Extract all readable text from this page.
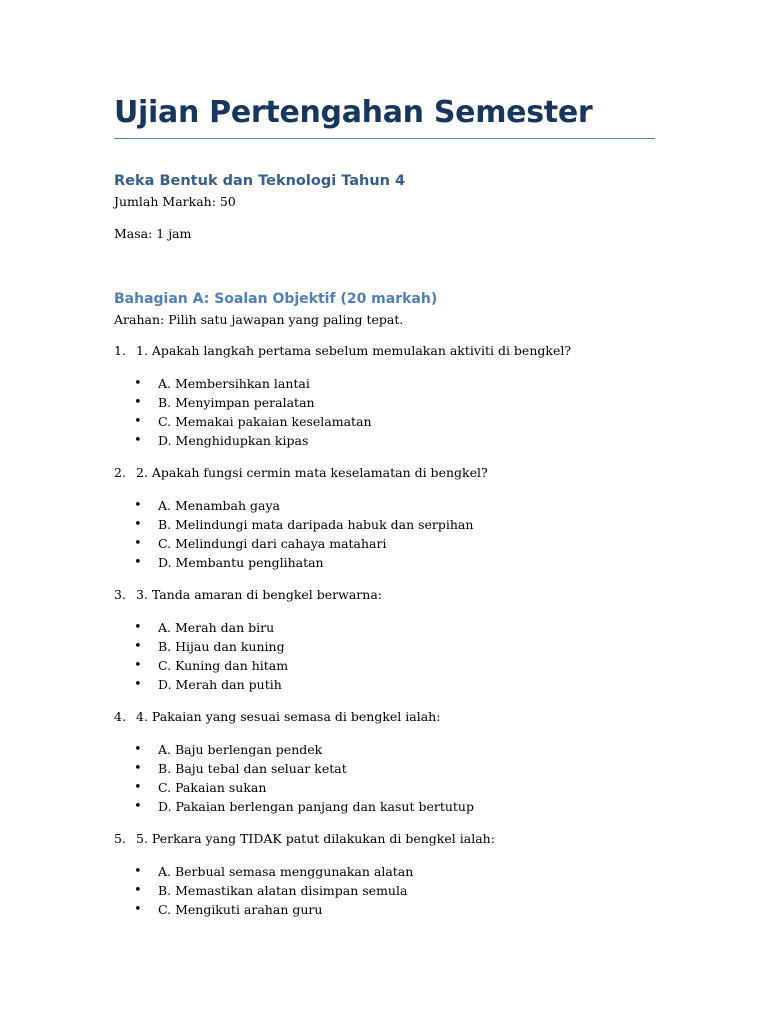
Ujian Pertengahan Semester
Reka Bentuk dan Teknologi Tahun 4

Jumlah Markah: 50

Masa: 1 jam

Bahagian A: Soalan Objektif (20 markah)

Arahan: Pilih satu jawapan yang paling tepat.

1. 1. Apakah langkah pertama sebelum memulakan aktiviti di bengkel?
•	A. Membersihkan lantai
•	B. Menyimpan peralatan
•	C. Memakai pakaian keselamatan
•	D. Menghidupkan kipas
2. 2. Apakah fungsi cermin mata keselamatan di bengkel?
•	A. Menambah gaya
•	B. Melindungi mata daripada habuk dan serpihan
•	C. Melindungi dari cahaya matahari
•	D. Membantu penglihatan
3. 3. Tanda amaran di bengkel berwarna:
•	A. Merah dan biru
•	B. Hijau dan kuning
•	C. Kuning dan hitam
•	D. Merah dan putih
4. 4. Pakaian yang sesuai semasa di bengkel ialah:
•	A. Baju berlengan pendek
•	B. Baju tebal dan seluar ketat
•	C. Pakaian sukan
•	D. Pakaian berlengan panjang dan kasut bertutup
5. 5. Perkara yang TIDAK patut dilakukan di bengkel ialah:
•	A. Berbual semasa menggunakan alatan
•	B. Memastikan alatan disimpan semula
•	C. Mengikuti arahan guru
